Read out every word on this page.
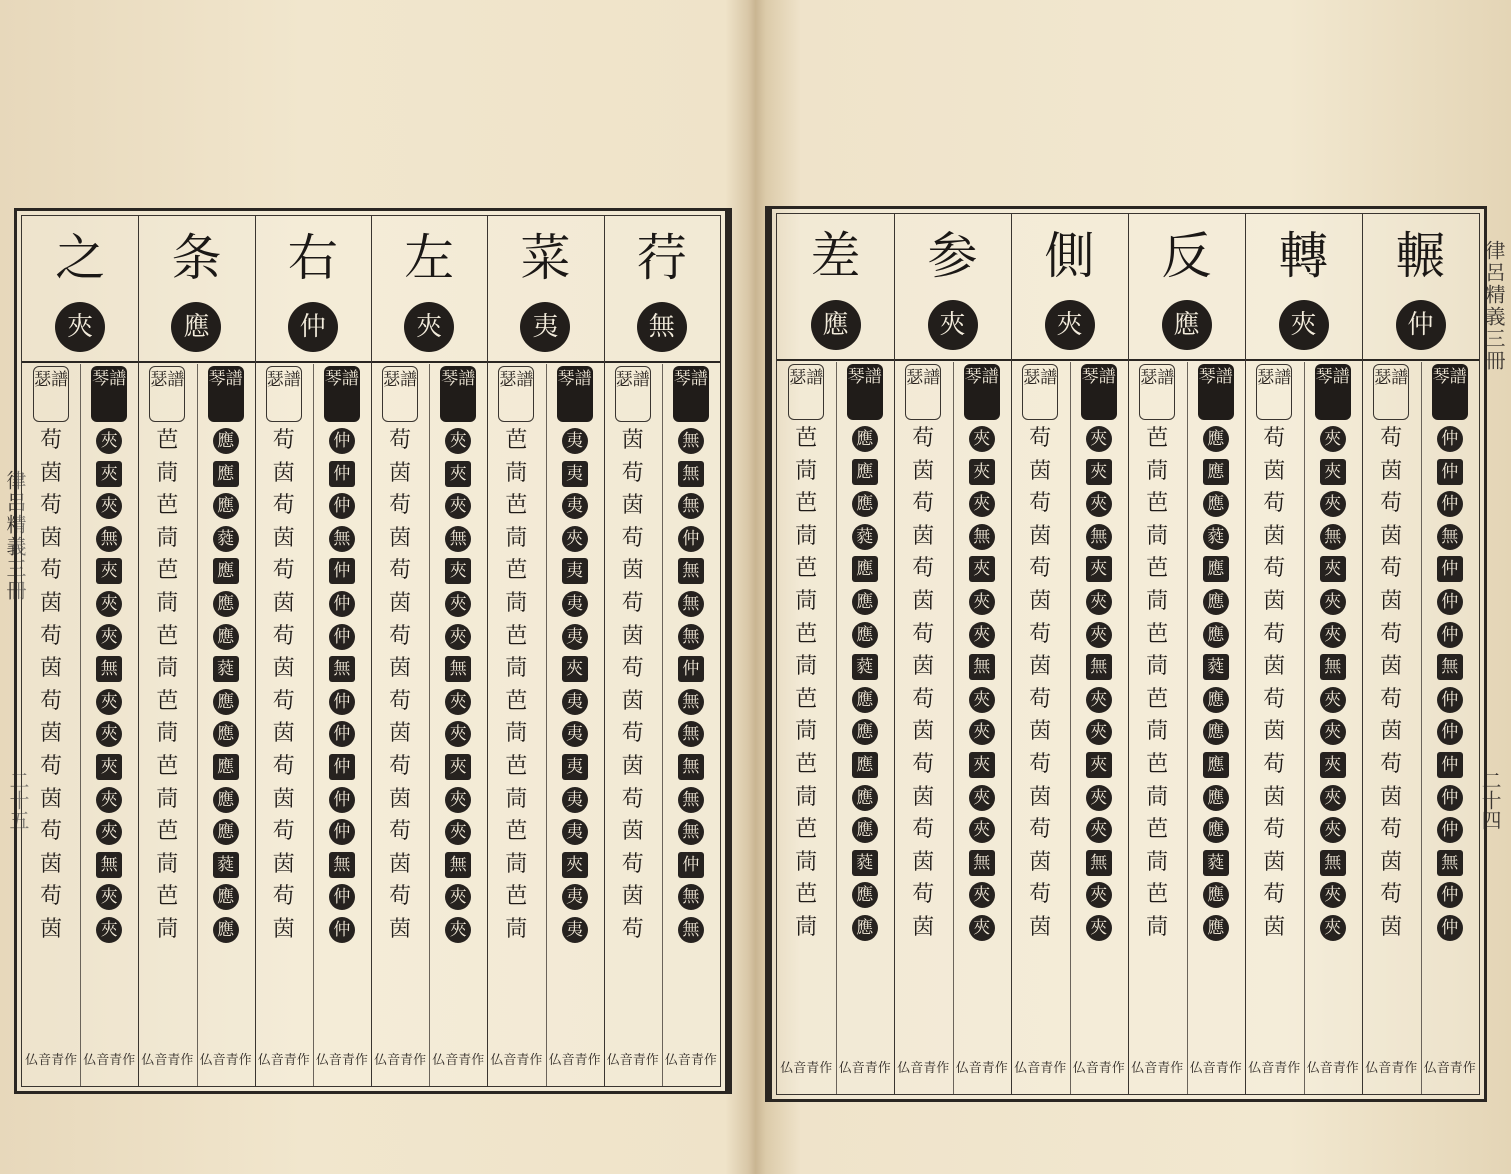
律呂精義三冊
二十五
之
夾
瑟譜
苟
茵
苟
茵
苟
茵
苟
茵
苟
茵
苟
茵
苟
茵
苟
茵
仏音青作
琴譜
夾
夾
夾
無
夾
夾
夾
無
夾
夾
夾
夾
夾
無
夾
夾
仏音青作
条
應
瑟譜
芭
茼
芭
茼
芭
茼
芭
茼
芭
茼
芭
茼
芭
茼
芭
茼
仏音青作
琴譜
應
應
應
蕤
應
應
應
蕤
應
應
應
應
應
蕤
應
應
仏音青作
右
仲
瑟譜
苟
茵
苟
茵
苟
茵
苟
茵
苟
茵
苟
茵
苟
茵
苟
茵
仏音青作
琴譜
仲
仲
仲
無
仲
仲
仲
無
仲
仲
仲
仲
仲
無
仲
仲
仏音青作
左
夾
瑟譜
苟
茵
苟
茵
苟
茵
苟
茵
苟
茵
苟
茵
苟
茵
苟
茵
仏音青作
琴譜
夾
夾
夾
無
夾
夾
夾
無
夾
夾
夾
夾
夾
無
夾
夾
仏音青作
菜
夷
瑟譜
芭
茼
芭
茼
芭
茼
芭
茼
芭
茼
芭
茼
芭
茼
芭
茼
仏音青作
琴譜
夷
夷
夷
夾
夷
夷
夷
夾
夷
夷
夷
夷
夷
夾
夷
夷
仏音青作
荇
無
瑟譜
茵
苟
茵
苟
茵
苟
茵
苟
茵
苟
茵
苟
茵
苟
茵
苟
仏音青作
琴譜
無
無
無
仲
無
無
無
仲
無
無
無
無
無
仲
無
無
仏音青作
律呂精義三冊
二十四
差
應
瑟譜
芭
茼
芭
茼
芭
茼
芭
茼
芭
茼
芭
茼
芭
茼
芭
茼
仏音青作
琴譜
應
應
應
蕤
應
應
應
蕤
應
應
應
應
應
蕤
應
應
仏音青作
参
夾
瑟譜
苟
茵
苟
茵
苟
茵
苟
茵
苟
茵
苟
茵
苟
茵
苟
茵
仏音青作
琴譜
夾
夾
夾
無
夾
夾
夾
無
夾
夾
夾
夾
夾
無
夾
夾
仏音青作
側
夾
瑟譜
苟
茵
苟
茵
苟
茵
苟
茵
苟
茵
苟
茵
苟
茵
苟
茵
仏音青作
琴譜
夾
夾
夾
無
夾
夾
夾
無
夾
夾
夾
夾
夾
無
夾
夾
仏音青作
反
應
瑟譜
芭
茼
芭
茼
芭
茼
芭
茼
芭
茼
芭
茼
芭
茼
芭
茼
仏音青作
琴譜
應
應
應
蕤
應
應
應
蕤
應
應
應
應
應
蕤
應
應
仏音青作
轉
夾
瑟譜
苟
茵
苟
茵
苟
茵
苟
茵
苟
茵
苟
茵
苟
茵
苟
茵
仏音青作
琴譜
夾
夾
夾
無
夾
夾
夾
無
夾
夾
夾
夾
夾
無
夾
夾
仏音青作
輾
仲
瑟譜
苟
茵
苟
茵
苟
茵
苟
茵
苟
茵
苟
茵
苟
茵
苟
茵
仏音青作
琴譜
仲
仲
仲
無
仲
仲
仲
無
仲
仲
仲
仲
仲
無
仲
仲
仏音青作
